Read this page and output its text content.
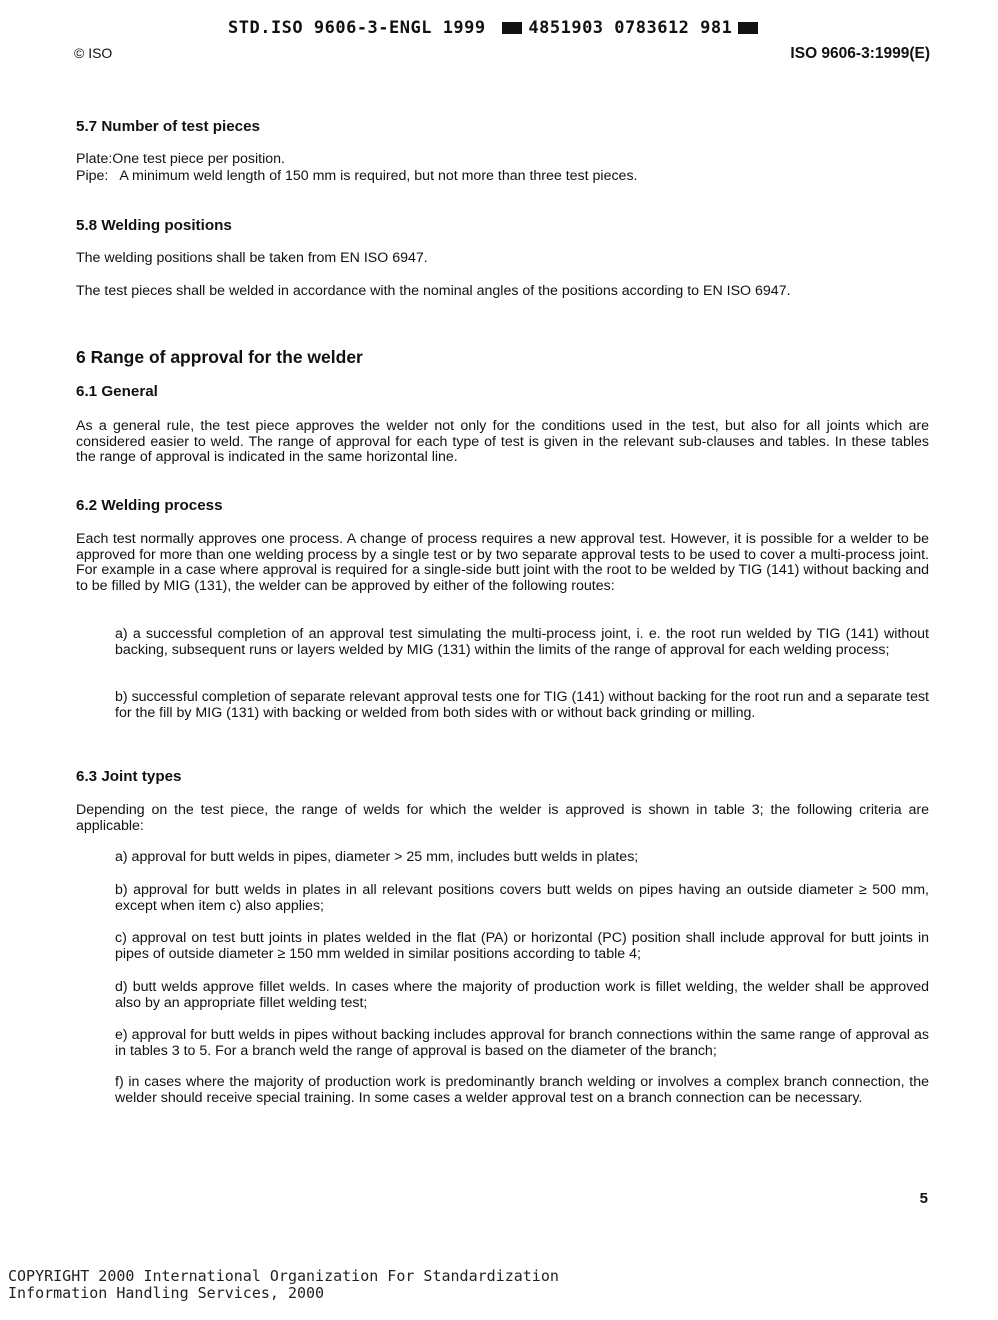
STD.ISO 9606-3-ENGL 1999	4851903 0783612 981
© ISO	ISO 9606-3:1999(E)
5.7 Number of test pieces
Plate:One test piece per position.
Pipe:   A minimum weld length of 150 mm is required, but not more than three test pieces.
5.8 Welding positions
The welding positions shall be taken from EN ISO 6947.
The test pieces shall be welded in accordance with the nominal angles of the positions according to EN ISO 6947.
6 Range of approval for the welder
6.1 General
As a general rule, the test piece approves the welder not only for the conditions used in the test, but also for all joints which are considered easier to weld. The range of approval for each type of test is given in the relevant sub-clauses and tables. In these tables the range of approval is indicated in the same horizontal line.
6.2 Welding process
Each test normally approves one process. A change of process requires a new approval test. However, it is possible for a welder to be approved for more than one welding process by a single test or by two separate approval tests to be used to cover a multi-process joint. For example in a case where approval is required for a single-side butt joint with the root to be welded by TIG (141) without backing and to be filled by MIG (131), the welder can be approved by either of the following routes:
a) a successful completion of an approval test simulating the multi-process joint, i. e. the root run welded by TIG (141) without backing, subsequent runs or layers welded by MIG (131) within the limits of the range of approval for each welding process;
b) successful completion of separate relevant approval tests one for TIG (141) without backing for the root run and a separate test for the fill by MIG (131) with backing or welded from both sides with or without back grinding or milling.
6.3 Joint types
Depending on the test piece, the range of welds for which the welder is approved is shown in table 3; the following criteria are applicable:
a) approval for butt welds in pipes, diameter > 25 mm, includes butt welds in plates;
b) approval for butt welds in plates in all relevant positions covers butt welds on pipes having an outside diameter ≥ 500 mm, except when item c) also applies;
c) approval on test butt joints in plates welded in the flat (PA) or horizontal (PC) position shall include approval for butt joints in pipes of outside diameter ≥ 150 mm welded in similar positions according to table 4;
d) butt welds approve fillet welds. In cases where the majority of production work is fillet welding, the welder shall be approved also by an appropriate fillet welding test;
e) approval for butt welds in pipes without backing includes approval for branch connections within the same range of approval as in tables 3 to 5. For a branch weld the range of approval is based on the diameter of the branch;
f) in cases where the majority of production work is predominantly branch welding or involves a complex branch connection, the welder should receive special training. In some cases a welder approval test on a branch connection can be necessary.
5
COPYRIGHT 2000 International Organization For Standardization
Information Handling Services, 2000
